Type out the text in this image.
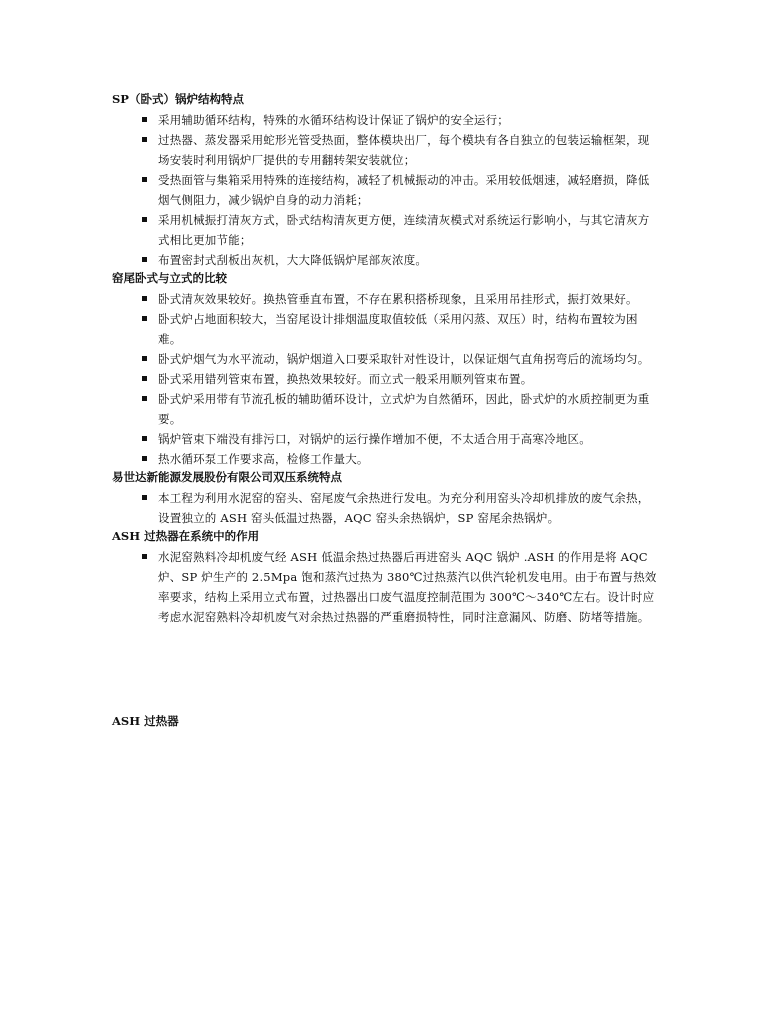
SP（卧式）锅炉结构特点
采用辅助循环结构，特殊的水循环结构设计保证了锅炉的安全运行；
过热器、蒸发器采用蛇形光管受热面，整体模块出厂，每个模块有各自独立的包装运输框架，现场安装时利用锅炉厂提供的专用翻转架安装就位；
受热面管与集箱采用特殊的连接结构，减轻了机械振动的冲击。采用较低烟速，减轻磨损，降低烟气侧阻力，减少锅炉自身的动力消耗；
采用机械振打清灰方式，卧式结构清灰更方便，连续清灰模式对系统运行影响小，与其它清灰方式相比更加节能；
布置密封式刮板出灰机，大大降低锅炉尾部灰浓度。
窑尾卧式与立式的比较
卧式清灰效果较好。换热管垂直布置，不存在累积搭桥现象，且采用吊挂形式，振打效果好。
卧式炉占地面积较大，当窑尾设计排烟温度取值较低（采用闪蒸、双压）时，结构布置较为困难。
卧式炉烟气为水平流动，锅炉烟道入口要采取针对性设计，以保证烟气直角拐弯后的流场均匀。
卧式采用错列管束布置，换热效果较好。而立式一般采用顺列管束布置。
卧式炉采用带有节流孔板的辅助循环设计，立式炉为自然循环，因此，卧式炉的水质控制更为重要。
锅炉管束下端没有排污口，对锅炉的运行操作增加不便，不太适合用于高寒冷地区。
热水循环泵工作要求高，检修工作量大。
易世达新能源发展股份有限公司双压系统特点
本工程为利用水泥窑的窑头、窑尾废气余热进行发电。为充分利用窑头冷却机排放的废气余热，设置独立的 ASH 窑头低温过热器，AQC 窑头余热锅炉，SP 窑尾余热锅炉。
ASH 过热器在系统中的作用
水泥窑熟料冷却机废气经 ASH 低温余热过热器后再进窑头 AQC 锅炉 .ASH 的作用是将 AQC 炉、SP 炉生产的 2.5Mpa 饱和蒸汽过热为 380℃过热蒸汽以供汽轮机发电用。由于布置与热效率要求，结构上采用立式布置，过热器出口废气温度控制范围为 300℃～340℃左右。设计时应考虑水泥窑熟料冷却机废气对余热过热器的严重磨损特性，同时注意漏风、防磨、防堵等措施。
ASH 过热器
